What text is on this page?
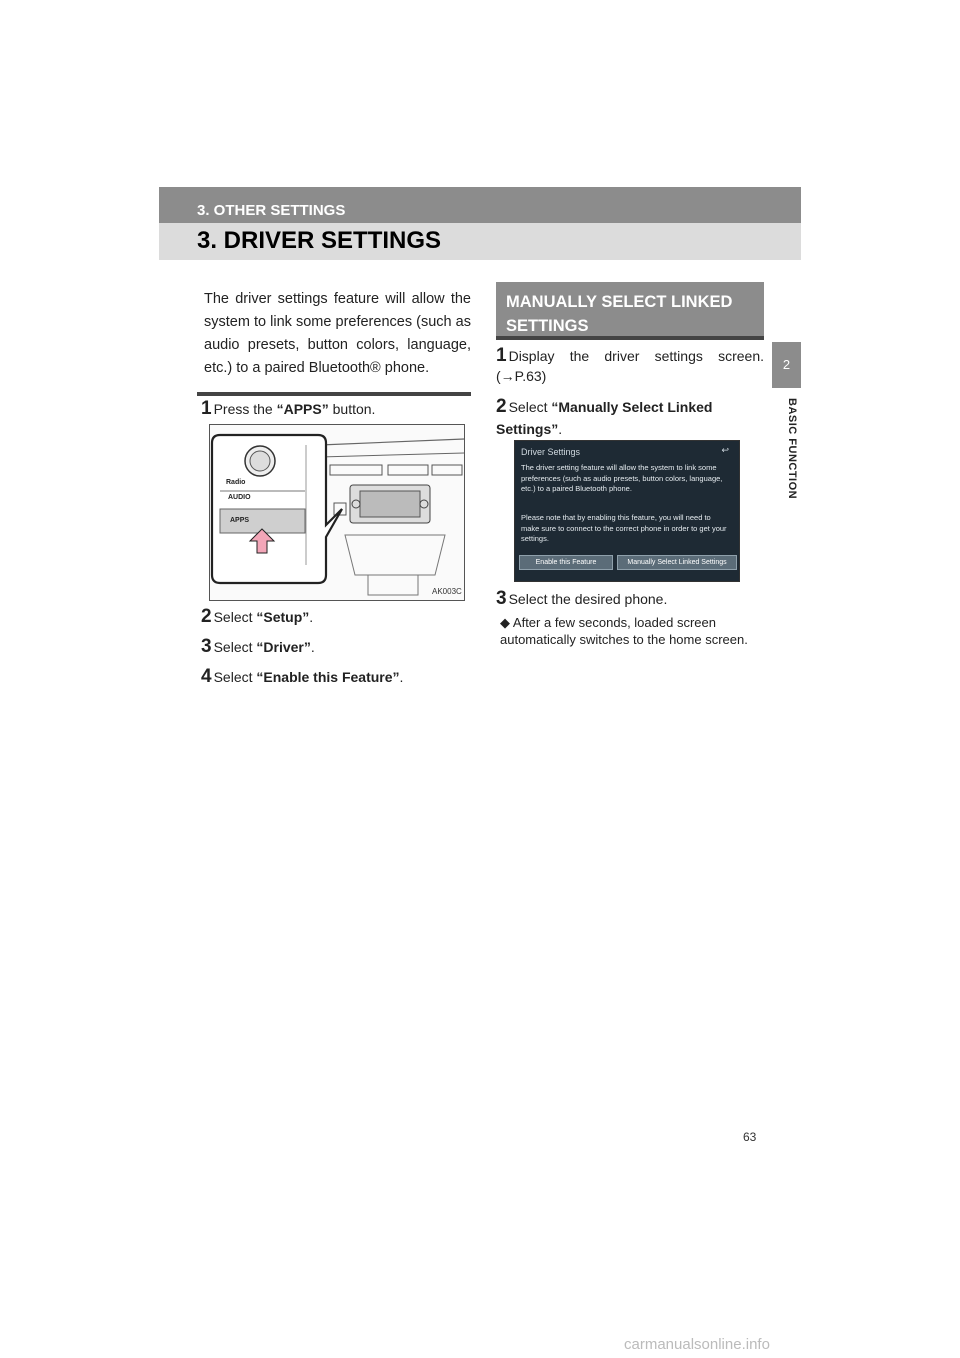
3. OTHER SETTINGS
3. DRIVER SETTINGS
2
BASIC FUNCTION

The driver settings feature will allow the system to link some preferences (such as audio presets, button colors, language, etc.) to a paired Bluetooth® phone.

1 Press the “APPS” button.
Radio
AUDIO
APPS
AK003C
2 Select “Setup”.
3 Select “Driver”.
4 Select “Enable this Feature”.
MANUALLY SELECT LINKED SETTINGS
1 Display the driver settings screen. (→P.63)
2 Select “Manually Select Linked Settings”.
Driver Settings	↩
The driver setting feature will allow the system to link some preferences (such as audio presets, button colors, language, etc.) to a paired Bluetooth phone.
Please note that by enabling this feature, you will need to make sure to connect to the correct phone in order to get your settings.
Enable this Feature	Manually Select Linked Settings
3 Select the desired phone.
◆ After a few seconds, loaded screen automatically switches to the home screen.
63
carmanualsonline.info
